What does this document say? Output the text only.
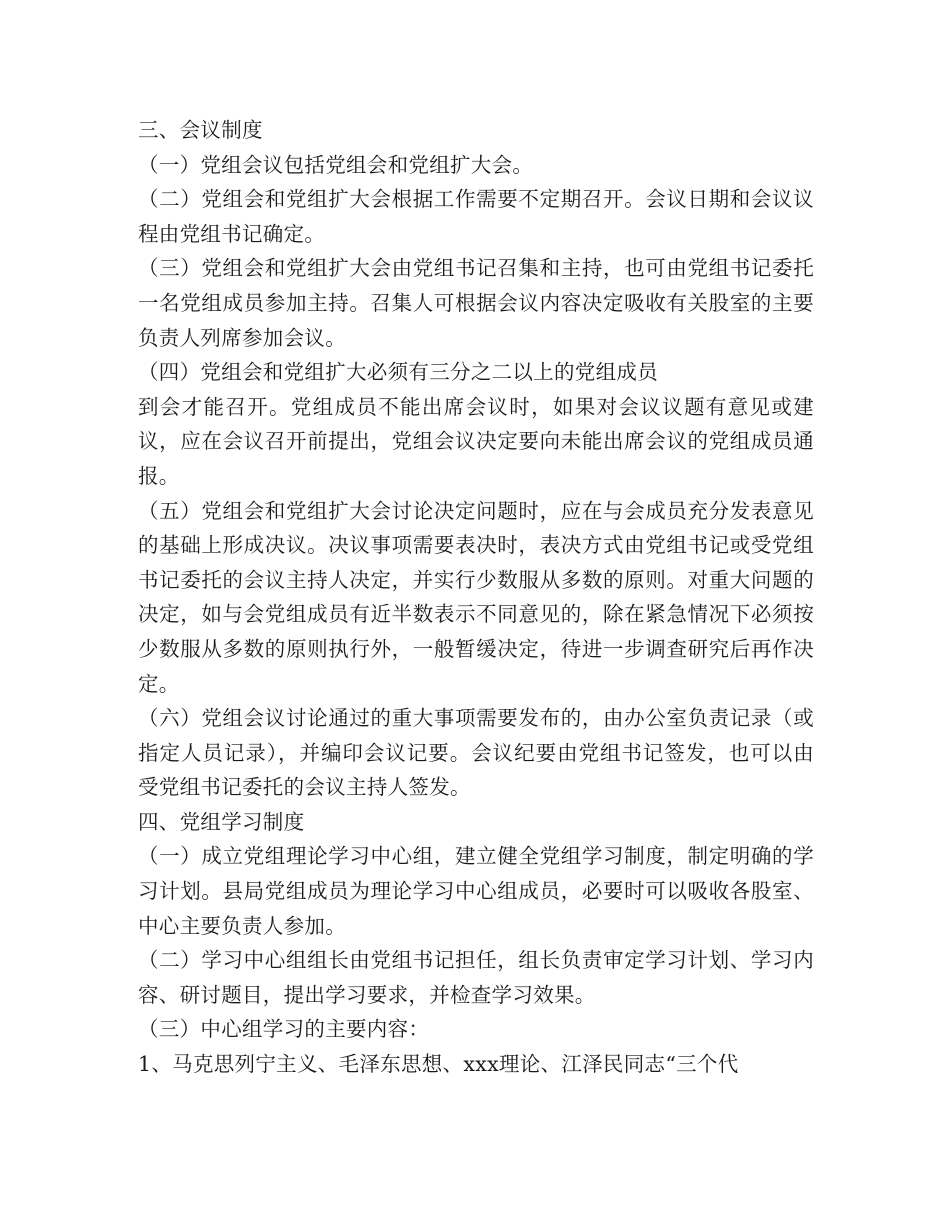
三、会议制度

（一）党组会议包括党组会和党组扩大会。

（二）党组会和党组扩大会根据工作需要不定期召开。会议日期和会议议程由党组书记确定。

（三）党组会和党组扩大会由党组书记召集和主持，也可由党组书记委托一名党组成员参加主持。召集人可根据会议内容决定吸收有关股室的主要负责人列席参加会议。

（四）党组会和党组扩大必须有三分之二以上的党组成员

到会才能召开。党组成员不能出席会议时，如果对会议议题有意见或建议，应在会议召开前提出，党组会议决定要向未能出席会议的党组成员通报。

（五）党组会和党组扩大会讨论决定问题时，应在与会成员充分发表意见的基础上形成决议。决议事项需要表决时，表决方式由党组书记或受党组书记委托的会议主持人决定，并实行少数服从多数的原则。对重大问题的决定，如与会党组成员有近半数表示不同意见的，除在紧急情况下必须按少数服从多数的原则执行外，一般暂缓决定，待进一步调查研究后再作决定。

（六）党组会议讨论通过的重大事项需要发布的，由办公室负责记录（或指定人员记录），并编印会议记要。会议纪要由党组书记签发，也可以由受党组书记委托的会议主持人签发。

四、党组学习制度

（一）成立党组理论学习中心组，建立健全党组学习制度，制定明确的学习计划。县局党组成员为理论学习中心组成员，必要时可以吸收各股室、中心主要负责人参加。

（二）学习中心组组长由党组书记担任，组长负责审定学习计划、学习内容、研讨题目，提出学习要求，并检查学习效果。

（三）中心组学习的主要内容：

1、马克思列宁主义、毛泽东思想、xxx理论、江泽民同志“三个代
